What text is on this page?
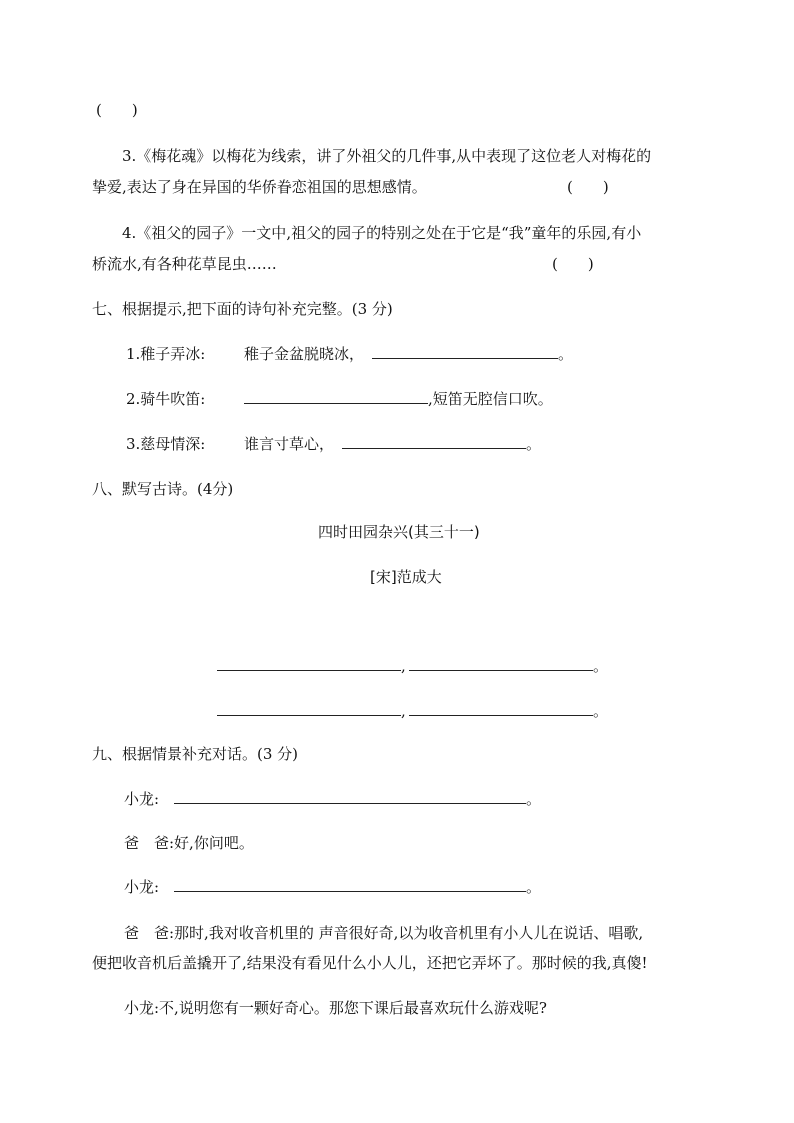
(　　)
3.《梅花魂》以梅花为线索，讲了外祖父的几件事,从中表现了这位老人对梅花的
挚爱,表达了身在异国的华侨眷恋祖国的思想感情。	(　　)
4.《祖父的园子》一文中,祖父的园子的特别之处在于它是“我”童年的乐园,有小
桥流水,有各种花草昆虫……	(　　)
七、根据提示,把下面的诗句补充完整。(3 分)
1.稚子弄冰:	稚子金盆脱晓冰，	。
2.骑牛吹笛:	,短笛无腔信口吹。
3.慈母情深:	谁言寸草心，	。
八、默写古诗。(4分)
四时田园杂兴(其三十一)
[宋]范成大
,	。
,	。
九、根据情景补充对话。(3 分)
小龙:	。
爸　爸:好,你问吧。
小龙:	。
爸　爸:那时,我对收音机里的 声音很好奇,以为收音机里有小人儿在说话、唱歌,
便把收音机后盖撬开了,结果没有看见什么小人儿，还把它弄坏了。那时候的我,真傻!
小龙:不,说明您有一颗好奇心。那您下课后最喜欢玩什么游戏呢?
